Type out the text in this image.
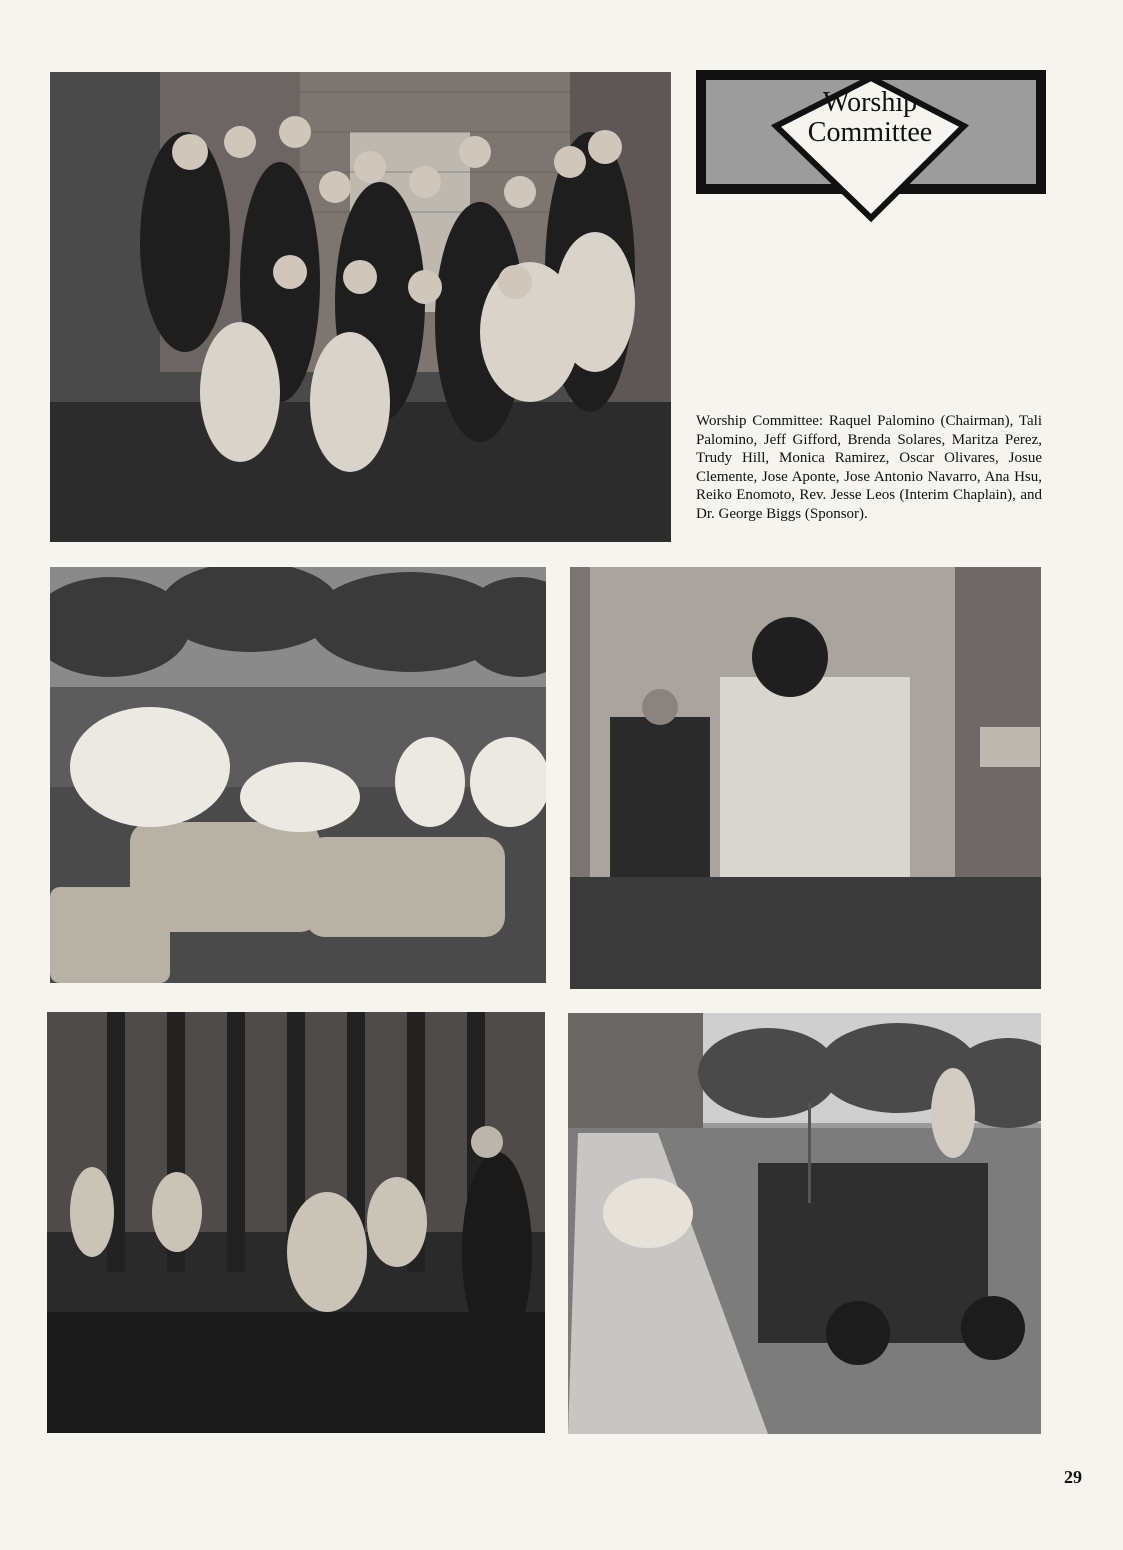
Worship
Committee
Worship Committee: Raquel Palomino (Chairman), Tali Palomino, Jeff Gifford, Brenda Solares, Maritza Perez, Trudy Hill, Monica Ramirez, Oscar Olivares, Josue Clemente, Jose Aponte, Jose Antonio Navarro, Ana Hsu, Reiko Enomoto, Rev. Jesse Leos (Interim Chaplain), and Dr. George Biggs (Sponsor).
29
